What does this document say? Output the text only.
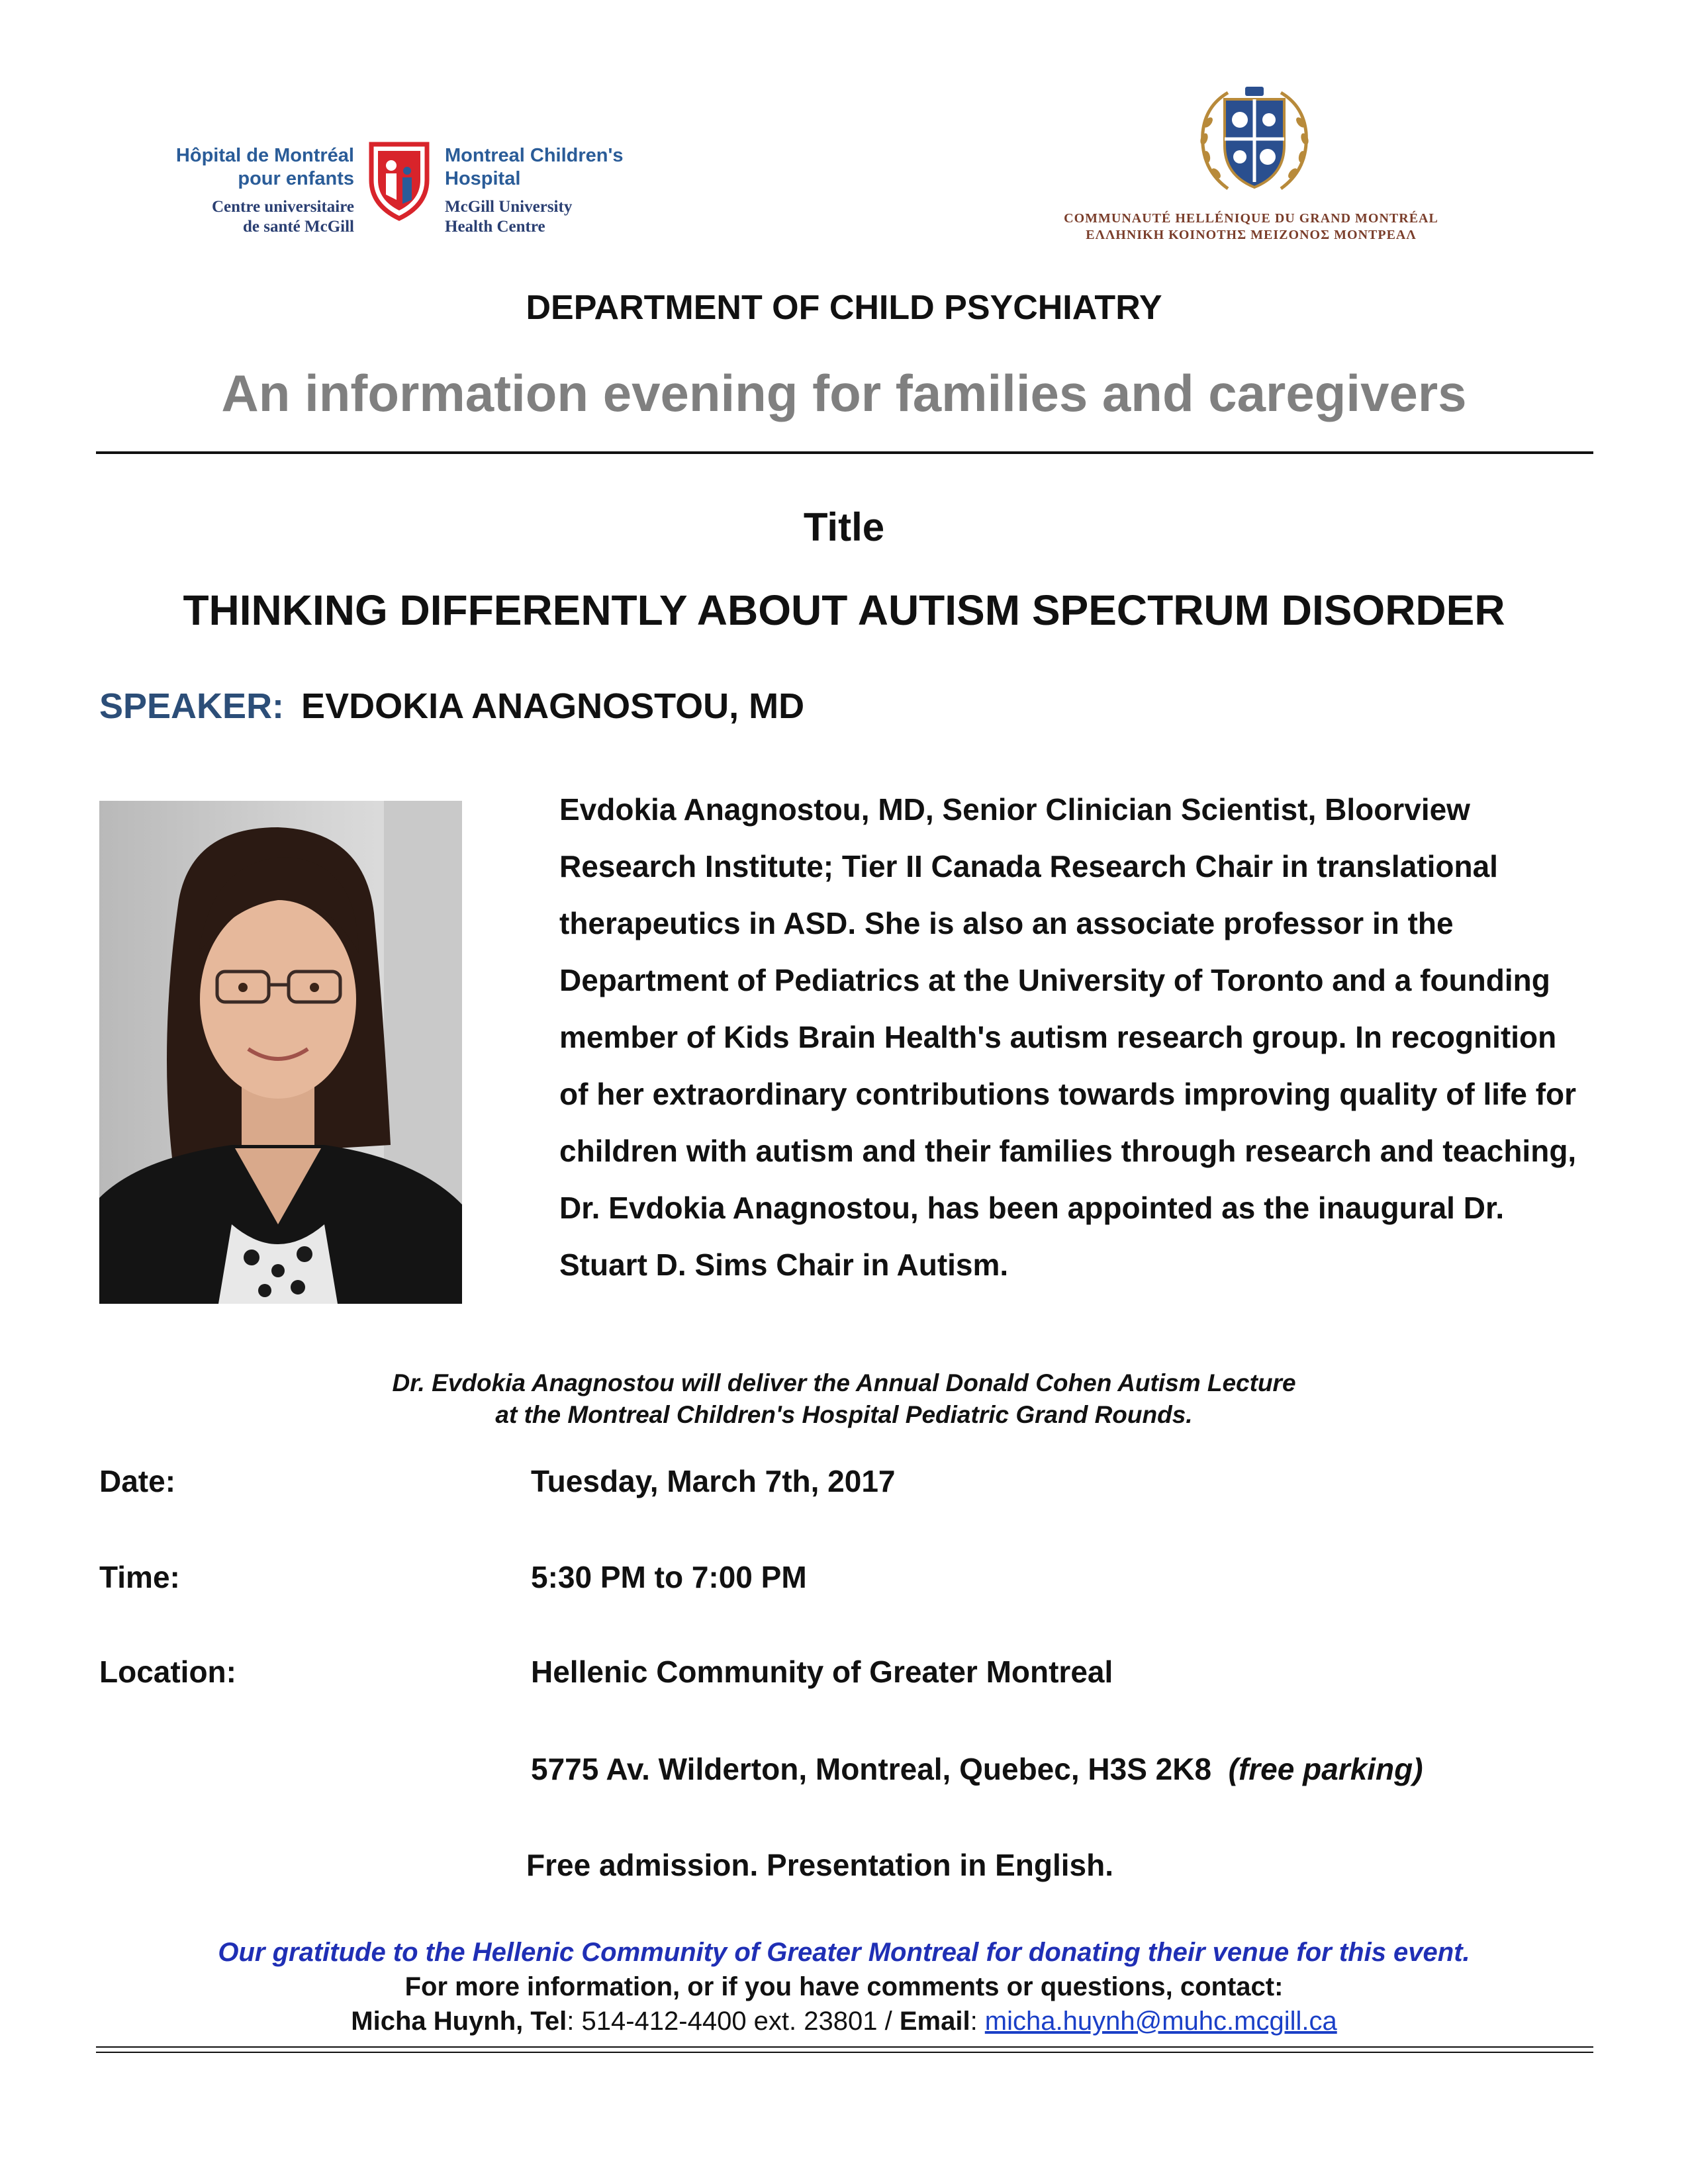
Hôpital de Montréal
pour enfants
Centre universitaire
de santé McGill
Montreal Children's
Hospital
McGill University
Health Centre	COMMUNAUTÉ HELLÉNIQUE DU GRAND MONTRÉAL
ΕΛΛΗΝΙΚΗ ΚΟΙΝΟΤΗΣ ΜΕΙΖΟΝΟΣ ΜΟΝΤΡΕΑΛ
DEPARTMENT OF CHILD PSYCHIATRY
An information evening for families and caregivers
Title
THINKING DIFFERENTLY ABOUT AUTISM SPECTRUM DISORDER
SPEAKER: EVDOKIA ANAGNOSTOU, MD
Evdokia Anagnostou, MD, Senior Clinician Scientist, Bloorview Research Institute; Tier II Canada Research Chair in translational therapeutics in ASD. She is also an associate professor in the Department of Pediatrics at the University of Toronto and a founding member of Kids Brain Health's autism research group. In recognition of her extraordinary contributions towards improving quality of life for children with autism and their families through research and teaching, Dr. Evdokia Anagnostou, has been appointed as the inaugural Dr. Stuart D. Sims Chair in Autism.
Dr. Evdokia Anagnostou will deliver the Annual Donald Cohen Autism Lecture
at the Montreal Children's Hospital Pediatric Grand Rounds.
Date:	Tuesday, March 7th, 2017
Time:	5:30 PM to 7:00 PM
Location:	Hellenic Community of Greater Montreal
5775 Av. Wilderton, Montreal, Quebec, H3S 2K8 (free parking)
Free admission. Presentation in English.
Our gratitude to the Hellenic Community of Greater Montreal for donating their venue for this event.
For more information, or if you have comments or questions, contact:
Micha Huynh, Tel: 514-412-4400 ext. 23801 / Email: micha.huynh@muhc.mcgill.ca
